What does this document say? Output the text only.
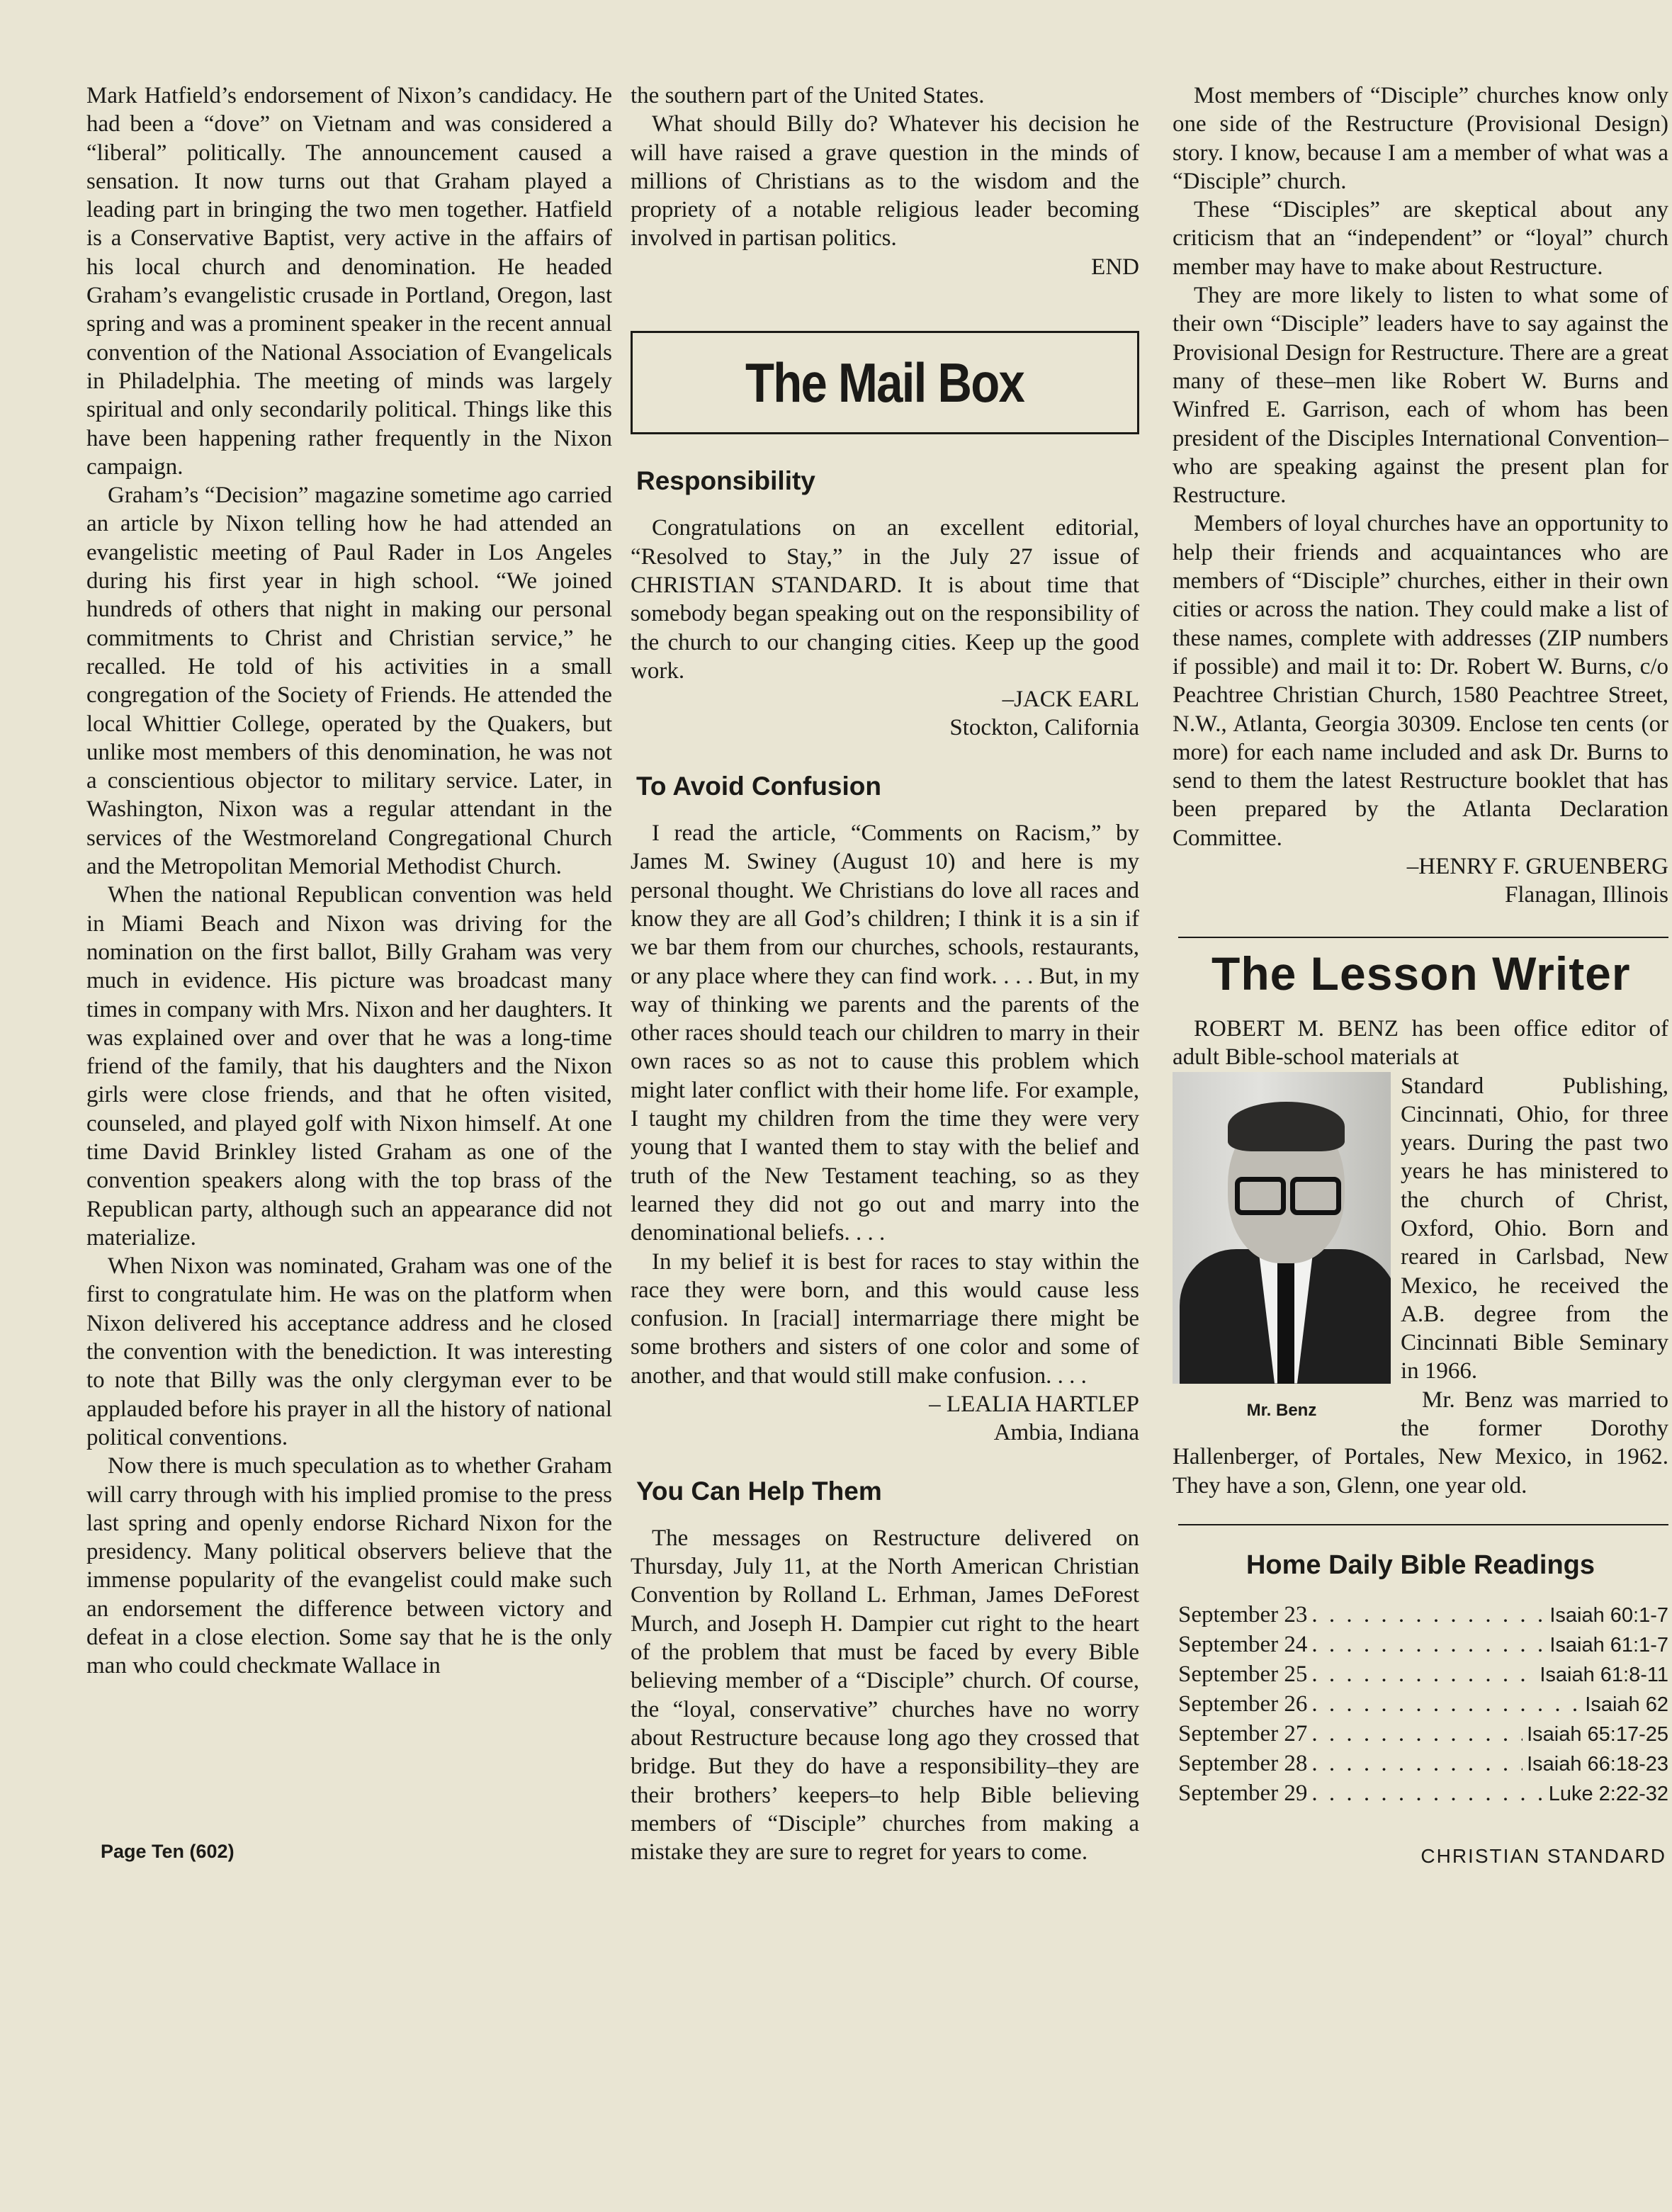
Mark Hatfield’s endorsement of Nixon’s candidacy. He had been a “dove” on Vietnam and was considered a “liberal” politically. The announcement caused a sensation. It now turns out that Graham played a leading part in bringing the two men together. Hatfield is a Conservative Baptist, very active in the affairs of his local church and denomination. He headed Graham’s evangelistic crusade in Portland, Oregon, last spring and was a prominent speaker in the recent annual convention of the National Association of Evangelicals in Philadelphia. The meeting of minds was largely spiritual and only secondarily political. Things like this have been happening rather frequently in the Nixon campaign.

Graham’s “Decision” magazine sometime ago carried an article by Nixon telling how he had attended an evangelistic meeting of Paul Rader in Los Angeles during his first year in high school. “We joined hundreds of others that night in making our personal commitments to Christ and Christian service,” he recalled. He told of his activities in a small congregation of the Society of Friends. He attended the local Whittier College, operated by the Quakers, but unlike most members of this denomination, he was not a conscientious objector to military service. Later, in Washington, Nixon was a regular attendant in the services of the Westmoreland Congregational Church and the Metropolitan Memorial Methodist Church.

When the national Republican convention was held in Miami Beach and Nixon was driving for the nomination on the first ballot, Billy Graham was very much in evidence. His picture was broadcast many times in company with Mrs. Nixon and her daughters. It was explained over and over that he was a long-time friend of the family, that his daughters and the Nixon girls were close friends, and that he often visited, counseled, and played golf with Nixon himself. At one time David Brinkley listed Graham as one of the convention speakers along with the top brass of the Republican party, although such an appearance did not materialize.

When Nixon was nominated, Graham was one of the first to congratulate him. He was on the platform when Nixon delivered his acceptance address and he closed the convention with the benediction. It was interesting to note that Billy was the only clergyman ever to be applauded before his prayer in all the history of national political conventions.

Now there is much speculation as to whether Graham will carry through with his implied promise to the press last spring and openly endorse Richard Nixon for the presidency. Many political observers believe that the immense popularity of the evangelist could make such an endorsement the difference between victory and defeat in a close election. Some say that he is the only man who could checkmate Wallace in

the southern part of the United States.

What should Billy do? Whatever his decision he will have raised a grave question in the minds of millions of Christians as to the wisdom and the propriety of a notable religious leader becoming involved in partisan politics.

END
The Mail Box
Responsibility

Congratulations on an excellent editorial, “Resolved to Stay,” in the July 27 issue of CHRISTIAN STANDARD. It is about time that somebody began speaking out on the responsibility of the church to our changing cities. Keep up the good work.

–JACK EARL
Stockton, California
To Avoid Confusion

I read the article, “Comments on Racism,” by James M. Swiney (August 10) and here is my personal thought. We Christians do love all races and know they are all God’s children; I think it is a sin if we bar them from our churches, schools, restaurants, or any place where they can find work. . . . But, in my way of thinking we parents and the parents of the other races should teach our children to marry in their own races so as not to cause this problem which might later conflict with their home life. For example, I taught my children from the time they were very young that I wanted them to stay with the belief and truth of the New Testament teaching, so as they learned they did not go out and marry into the denominational beliefs. . . .

In my belief it is best for races to stay within the race they were born, and this would cause less confusion. In [racial] intermarriage there might be some brothers and sisters of one color and some of another, and that would still make confusion. . . .

– LEALIA HARTLEP
Ambia, Indiana
You Can Help Them

The messages on Restructure delivered on Thursday, July 11, at the North American Christian Convention by Rolland L. Erhman, James DeForest Murch, and Joseph H. Dampier cut right to the heart of the problem that must be faced by every Bible believing member of a “Disciple” church. Of course, the “loyal, conservative” churches have no worry about Restructure because long ago they crossed that bridge. But they do have a responsibility–they are their brothers’ keepers–to help Bible believing members of “Disciple” churches from making a mistake they are sure to regret for years to come.

Most members of “Disciple” churches know only one side of the Restructure (Provisional Design) story. I know, because I am a member of what was a “Disciple” church.

These “Disciples” are skeptical about any criticism that an “independent” or “loyal” church member may have to make about Restructure.

They are more likely to listen to what some of their own “Disciple” leaders have to say against the Provisional Design for Restructure. There are a great many of these–men like Robert W. Burns and Winfred E. Garrison, each of whom has been president of the Disciples International Convention–who are speaking against the present plan for Restructure.

Members of loyal churches have an opportunity to help their friends and acquaintances who are members of “Disciple” churches, either in their own cities or across the nation. They could make a list of these names, complete with addresses (ZIP numbers if possible) and mail it to: Dr. Robert W. Burns, c/o Peachtree Christian Church, 1580 Peachtree Street, N.W., Atlanta, Georgia 30309. Enclose ten cents (or more) for each name included and ask Dr. Burns to send to them the latest Restructure booklet that has been prepared by the Atlanta Declaration Committee.

–HENRY F. GRUENBERG
Flanagan, Illinois
The Lesson Writer

ROBERT M. BENZ has been office editor of adult Bible-school materials at

Mr. Benz

Standard Publishing, Cincinnati, Ohio, for three years. During the past two years he has ministered to the church of Christ, Oxford, Ohio. Born and reared in Carlsbad, New Mexico, he received the A.B. degree from the Cincinnati Bible Seminary in 1966.

Mr. Benz was married to the former Dorothy Hallenberger, of Portales, New Mexico, in 1962. They have a son, Glenn, one year old.

Home Daily Bible Readings
September 23 . . .	Isaiah 60:1-7
September 24 . . .	Isaiah 61:1-7
September 25 . . .	Isaiah 61:8-11
September 26 . . .	Isaiah 62
September 27 . . .	Isaiah 65:17-25
September 28 . . .	Isaiah 66:18-23
September 29 . . .	Luke 2:22-32
Page Ten (602)	CHRISTIAN STANDARD
